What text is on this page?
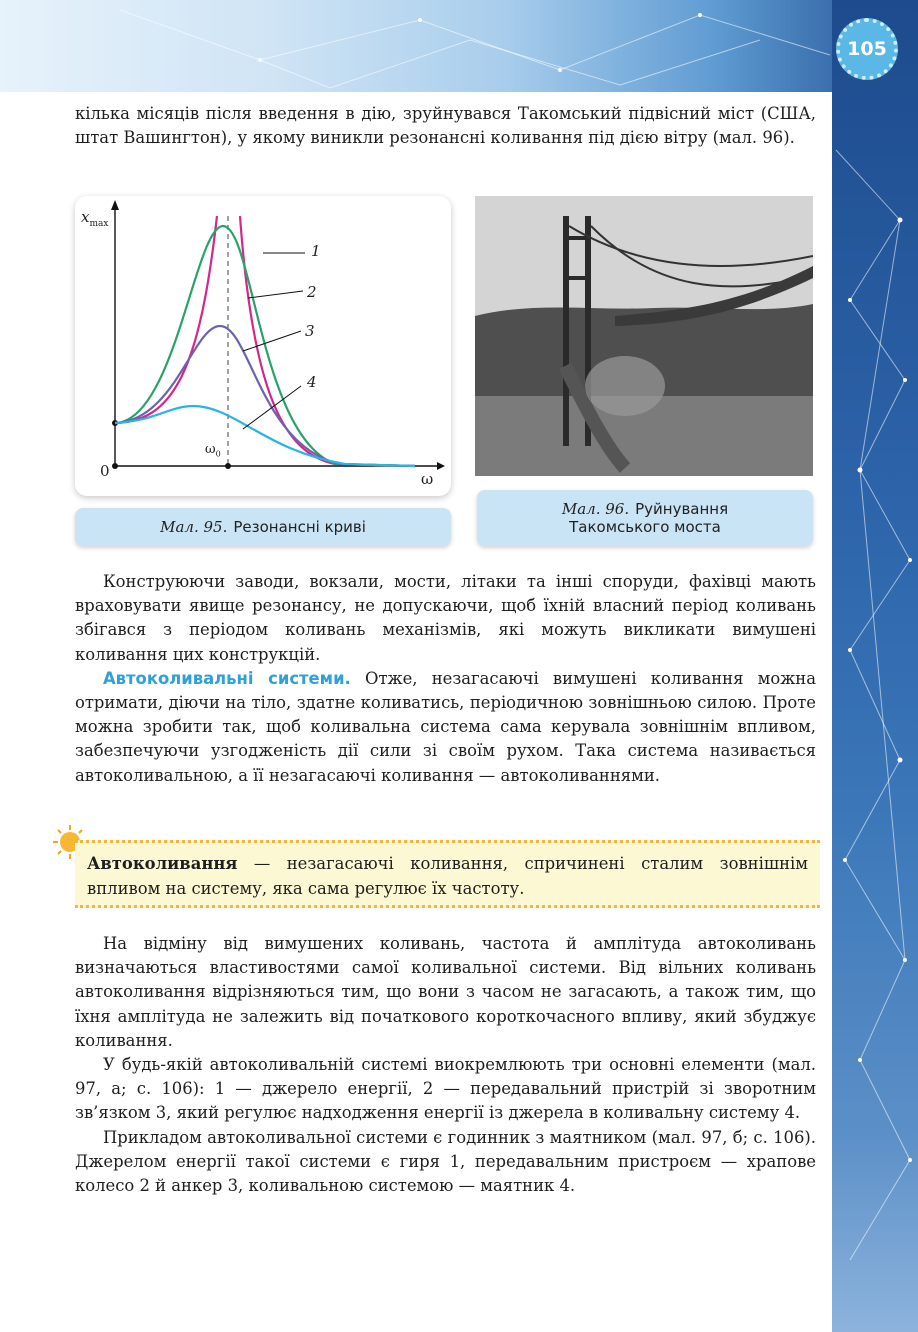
105

кілька місяців після введення в дію, зруйнувався Такомський підвісний міст (США, штат Вашингтон), у якому виникли резонансні коливання під дією вітру (мал. 96).

1
2
3
4
$x_{max}$
ω
0
$\omega_0$
Мал. 95. Резонансні криві
Мал. 96. Руйнування
Такомського моста

Конструюючи заводи, вокзали, мости, літаки та інші споруди, фахівці мають враховувати явище резонансу, не допускаючи, щоб їхній власний період коливань збігався з періодом коливань механізмів, які можуть викликати вимушені коливання цих конструкцій.

Автоколивальні системи. Отже, незагасаючі вимушені коливання можна отримати, діючи на тіло, здатне коливатись, періодичною зовнішньою силою. Проте можна зробити так, щоб коливальна система сама керувала зовнішнім впливом, забезпечуючи узгодженість дії сили зі своїм рухом. Така система називається автоколивальною, а її незагасаючі коливання — автоколиваннями.

Автоколивання — незагасаючі коливання, спричинені сталим зовнішнім впливом на систему, яка сама регулює їх частоту.

На відміну від вимушених коливань, частота й амплітуда автоколивань визначаються властивостями самої коливальної системи. Від вільних коливань автоколивання відрізняються тим, що вони з часом не загасають, а також тим, що їхня амплітуда не залежить від початкового короткочасного впливу, який збуджує коливання.

У будь-якій автоколивальній системі виокремлюють три основні елементи (мал. 97, а; с. 106): 1 — джерело енергії, 2 — передавальний пристрій зі зворотним зв’язком 3, який регулює надходження енергії із джерела в коливальну систему 4.

Прикладом автоколивальної системи є годинник з маятником (мал. 97, б; с. 106). Джерелом енергії такої системи є гиря 1, передавальним пристроєм — храпове колесо 2 й анкер 3, коливальною системою — маятник 4.
